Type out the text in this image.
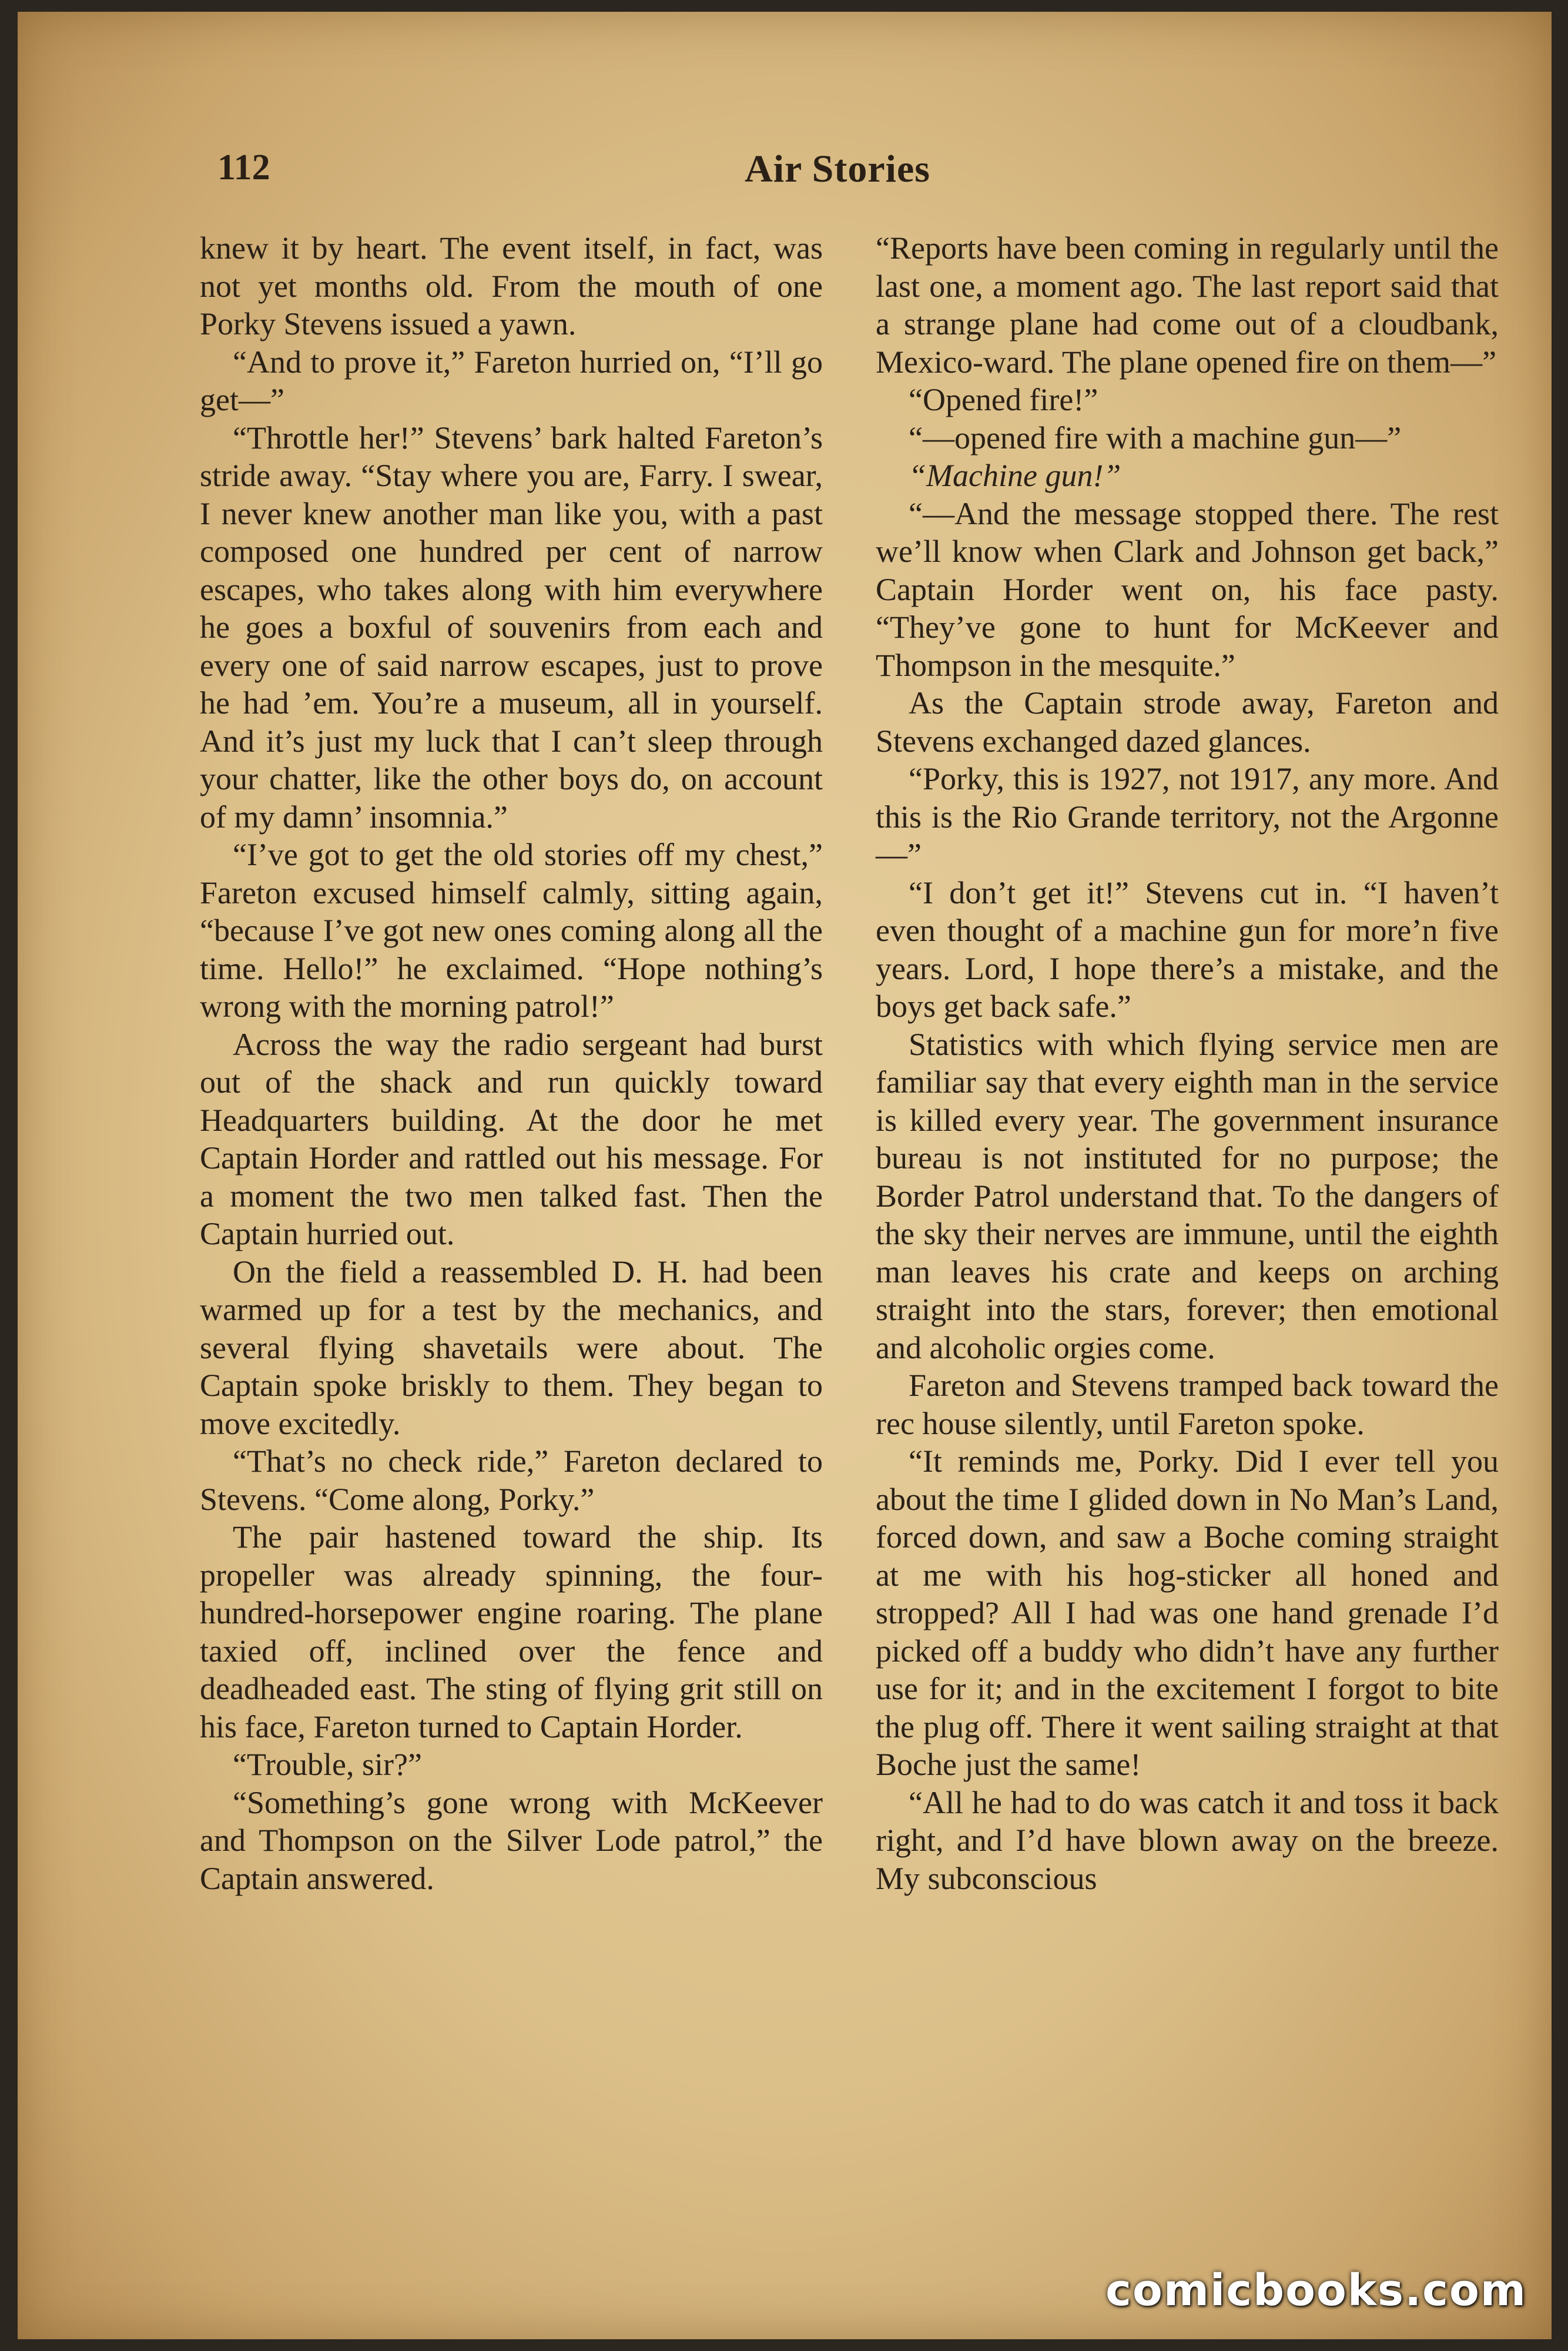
112	Air Stories

knew it by heart. The event itself, in fact, was not yet months old. From the mouth of one Porky Stevens issued a yawn.

“And to prove it,” Fareton hurried on, “I’ll go get—”

“Throttle her!” Stevens’ bark halted Fareton’s stride away. “Stay where you are, Farry. I swear, I never knew another man like you, with a past composed one hundred per cent of narrow escapes, who takes along with him everywhere he goes a boxful of souvenirs from each and every one of said narrow escapes, just to prove he had ’em. You’re a museum, all in yourself. And it’s just my luck that I can’t sleep through your chatter, like the other boys do, on account of my damn’ insomnia.”

“I’ve got to get the old stories off my chest,” Fareton excused himself calmly, sitting again, “because I’ve got new ones coming along all the time. Hello!” he exclaimed. “Hope nothing’s wrong with the morning patrol!”

Across the way the radio sergeant had burst out of the shack and run quickly toward Headquarters building. At the door he met Captain Horder and rattled out his message. For a moment the two men talked fast. Then the Captain hurried out.

On the field a reassembled D. H. had been warmed up for a test by the mechanics, and several flying shavetails were about. The Captain spoke briskly to them. They began to move excitedly.

“That’s no check ride,” Fareton declared to Stevens. “Come along, Porky.”

The pair hastened toward the ship. Its propeller was already spinning, the four-hundred-horsepower engine roaring. The plane taxied off, inclined over the fence and deadheaded east. The sting of flying grit still on his face, Fareton turned to Captain Horder.

“Trouble, sir?”

“Something’s gone wrong with McKeever and Thompson on the Silver Lode patrol,” the Captain answered.

“Reports have been coming in regularly until the last one, a moment ago. The last report said that a strange plane had come out of a cloudbank, Mexico-ward. The plane opened fire on them—”

“Opened fire!”

“—opened fire with a machine gun—”

“Machine gun!”

“—And the message stopped there. The rest we’ll know when Clark and Johnson get back,” Captain Horder went on, his face pasty. “They’ve gone to hunt for McKeever and Thompson in the mesquite.”

As the Captain strode away, Fareton and Stevens exchanged dazed glances.

“Porky, this is 1927, not 1917, any more. And this is the Rio Grande territory, not the Argonne—”

“I don’t get it!” Stevens cut in. “I haven’t even thought of a machine gun for more’n five years. Lord, I hope there’s a mistake, and the boys get back safe.”

Statistics with which flying service men are familiar say that every eighth man in the service is killed every year. The government insurance bureau is not instituted for no purpose; the Border Patrol understand that. To the dangers of the sky their nerves are immune, until the eighth man leaves his crate and keeps on arching straight into the stars, forever; then emotional and alcoholic orgies come.

Fareton and Stevens tramped back toward the rec house silently, until Fareton spoke.

“It reminds me, Porky. Did I ever tell you about the time I glided down in No Man’s Land, forced down, and saw a Boche coming straight at me with his hog-sticker all honed and stropped? All I had was one hand grenade I’d picked off a buddy who didn’t have any further use for it; and in the excitement I forgot to bite the plug off. There it went sailing straight at that Boche just the same!

“All he had to do was catch it and toss it back right, and I’d have blown away on the breeze. My subconscious

comicbooks.com
